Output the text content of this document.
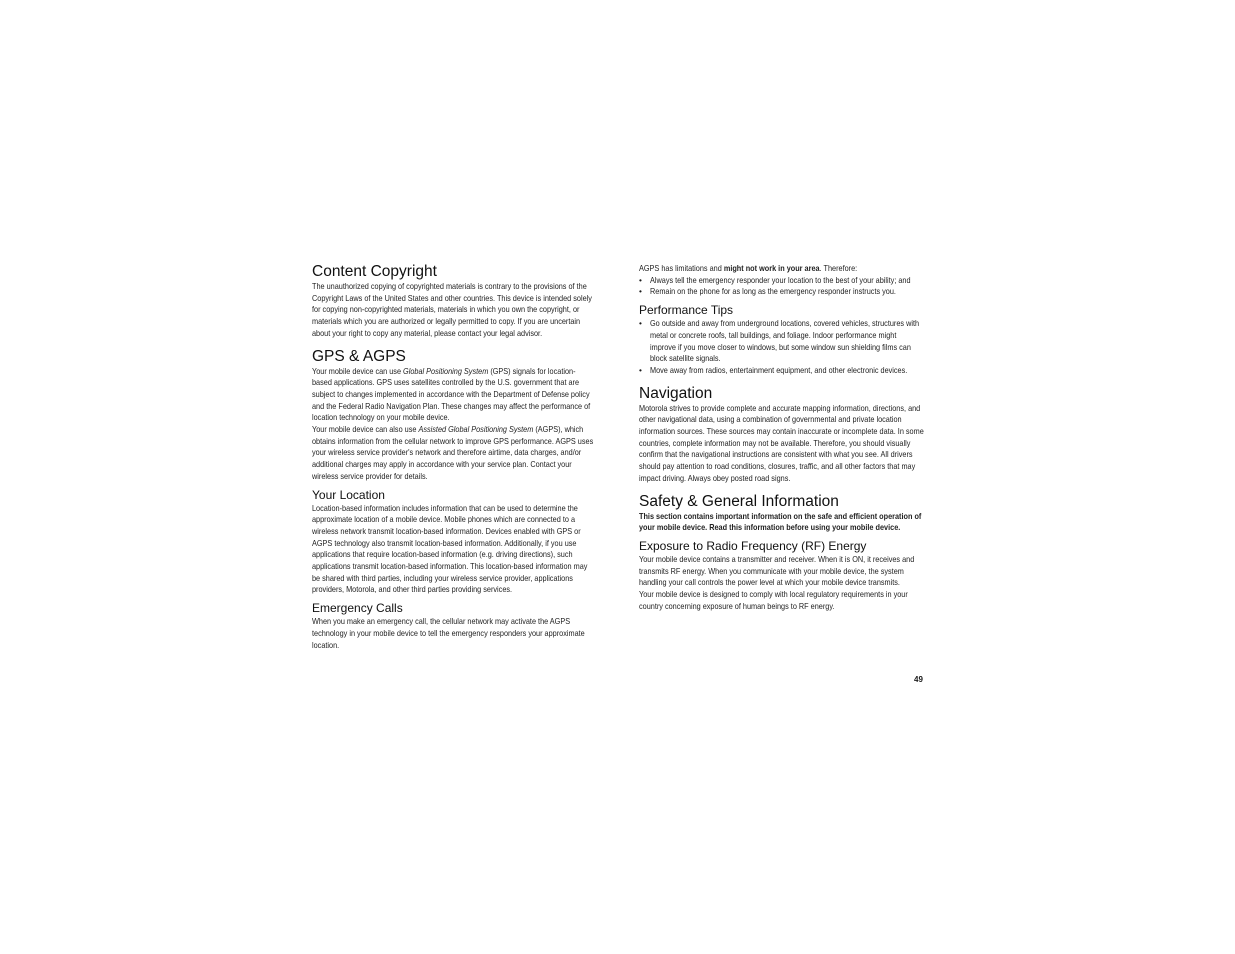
Content Copyright

The unauthorized copying of copyrighted materials is contrary to the provisions of the Copyright Laws of the United States and other countries. This device is intended solely for copying non-copyrighted materials, materials in which you own the copyright, or materials which you are authorized or legally permitted to copy. If you are uncertain about your right to copy any material, please contact your legal advisor.

GPS & AGPS

Your mobile device can use Global Positioning System (GPS) signals for location-based applications. GPS uses satellites controlled by the U.S. government that are subject to changes implemented in accordance with the Department of Defense policy and the Federal Radio Navigation Plan. These changes may affect the performance of location technology on your mobile device.

Your mobile device can also use Assisted Global Positioning System (AGPS), which obtains information from the cellular network to improve GPS performance. AGPS uses your wireless service provider's network and therefore airtime, data charges, and/or additional charges may apply in accordance with your service plan. Contact your wireless service provider for details.

Your Location

Location-based information includes information that can be used to determine the approximate location of a mobile device. Mobile phones which are connected to a wireless network transmit location-based information. Devices enabled with GPS or AGPS technology also transmit location-based information. Additionally, if you use applications that require location-based information (e.g. driving directions), such applications transmit location-based information. This location-based information may be shared with third parties, including your wireless service provider, applications providers, Motorola, and other third parties providing services.

Emergency Calls

When you make an emergency call, the cellular network may activate the AGPS technology in your mobile device to tell the emergency responders your approximate location.

AGPS has limitations and might not work in your area. Therefore:

• Always tell the emergency responder your location to the best of your ability; and

• Remain on the phone for as long as the emergency responder instructs you.

Performance Tips

• Go outside and away from underground locations, covered vehicles, structures with metal or concrete roofs, tall buildings, and foliage. Indoor performance might improve if you move closer to windows, but some window sun shielding films can block satellite signals.

• Move away from radios, entertainment equipment, and other electronic devices.

Navigation

Motorola strives to provide complete and accurate mapping information, directions, and other navigational data, using a combination of governmental and private location information sources. These sources may contain inaccurate or incomplete data. In some countries, complete information may not be available. Therefore, you should visually confirm that the navigational instructions are consistent with what you see. All drivers should pay attention to road conditions, closures, traffic, and all other factors that may impact driving. Always obey posted road signs.

Safety & General Information

This section contains important information on the safe and efficient operation of your mobile device. Read this information before using your mobile device.

Exposure to Radio Frequency (RF) Energy

Your mobile device contains a transmitter and receiver. When it is ON, it receives and transmits RF energy. When you communicate with your mobile device, the system handling your call controls the power level at which your mobile device transmits.

Your mobile device is designed to comply with local regulatory requirements in your country concerning exposure of human beings to RF energy.

49
